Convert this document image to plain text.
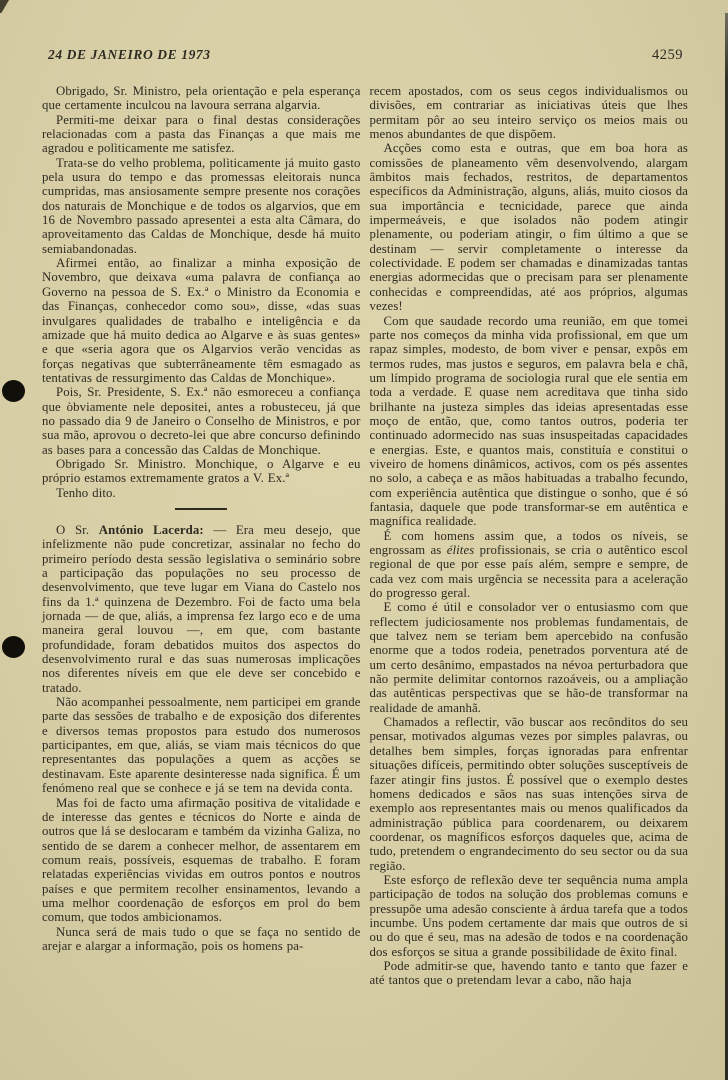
24 DE JANEIRO DE 1973	4259

Obrigado, Sr. Ministro, pela orientação e pela esperança que certamente inculcou na lavoura serrana algarvia.

Permiti-me deixar para o final destas considerações relacionadas com a pasta das Finanças a que mais me agradou e polìticamente me satisfez.

Trata-se do velho problema, polìticamente já muito gasto pela usura do tempo e das promessas eleitorais nunca cumpridas, mas ansiosamente sempre presente nos corações dos naturais de Monchique e de todos os algarvios, que em 16 de Novembro passado apresentei a esta alta Câmara, do aproveitamento das Caldas de Monchique, desde há muito semiabandonadas.

Afirmei então, ao finalizar a minha exposição de Novembro, que deixava «uma palavra de confiança ao Governo na pessoa de S. Ex.ª o Ministro da Economia e das Finanças, conhecedor como sou», disse, «das suas invulgares qualidades de trabalho e inteligência e da amizade que há muito dedica ao Algarve e às suas gentes» e que «seria agora que os Algarvios verão vencidas as forças negativas que subterrâneamente têm esmagado as tentativas de ressurgimento das Caldas de Monchique».

Pois, Sr. Presidente, S. Ex.ª não esmoreceu a confiança que òbviamente nele depositei, antes a robusteceu, já que no passado dia 9 de Janeiro o Conselho de Ministros, e por sua mão, aprovou o decreto-lei que abre concurso definindo as bases para a concessão das Caldas de Monchique.

Obrigado Sr. Ministro. Monchique, o Algarve e eu próprio estamos extremamente gratos a V. Ex.ª

Tenho dito.

O Sr. António Lacerda: — Era meu desejo, que infelizmente não pude concretizar, assinalar no fecho do primeiro período desta sessão legislativa o seminário sobre a participação das populações no seu processo de desenvolvimento, que teve lugar em Viana do Castelo nos fins da 1.ª quinzena de Dezembro. Foi de facto uma bela jornada — de que, aliás, a imprensa fez largo eco e de uma maneira geral louvou —, em que, com bastante profundidade, foram debatidos muitos dos aspectos do desenvolvimento rural e das suas numerosas implicações nos diferentes níveis em que ele deve ser concebido e tratado.

Não acompanhei pessoalmente, nem participei em grande parte das sessões de trabalho e de exposição dos diferentes e diversos temas propostos para estudo dos numerosos participantes, em que, aliás, se viam mais técnicos do que representantes das populações a quem as acções se destinavam. Este aparente desinteresse nada significa. É um fenómeno real que se conhece e já se tem na devida conta.

Mas foi de facto uma afirmação positiva de vitalidade e de interesse das gentes e técnicos do Norte e ainda de outros que lá se deslocaram e também da vizinha Galiza, no sentido de se darem a conhecer melhor, de assentarem em comum reais, possíveis, esquemas de trabalho. E foram relatadas experiências vividas em outros pontos e noutros países e que permitem recolher ensinamentos, levando a uma melhor coordenação de esforços em prol do bem comum, que todos ambicionamos.

Nunca será de mais tudo o que se faça no sentido de arejar e alargar a informação, pois os homens pa-

recem apostados, com os seus cegos individualismos ou divisões, em contrariar as iniciativas úteis que lhes permitam pôr ao seu inteiro serviço os meios mais ou menos abundantes de que dispõem.

Acções como esta e outras, que em boa hora as comissões de planeamento vêm desenvolvendo, alargam âmbitos mais fechados, restritos, de departamentos específicos da Administração, alguns, aliás, muito ciosos da sua importância e tecnicidade, parece que ainda impermeáveis, e que isolados não podem atingir plenamente, ou poderiam atingir, o fim último a que se destinam — servir completamente o interesse da colectividade. E podem ser chamadas e dinamizadas tantas energias adormecidas que o precisam para ser plenamente conhecidas e compreendidas, até aos próprios, algumas vezes!

Com que saudade recordo uma reunião, em que tomei parte nos começos da minha vida profissional, em que um rapaz simples, modesto, de bom viver e pensar, expôs em termos rudes, mas justos e seguros, em palavra bela e chã, um límpido programa de sociologia rural que ele sentia em toda a verdade. E quase nem acreditava que tinha sido brilhante na justeza simples das ideias apresentadas esse moço de então, que, como tantos outros, poderia ter continuado adormecido nas suas insuspeitadas capacidades e energias. Este, e quantos mais, constituía e constitui o viveiro de homens dinâmicos, activos, com os pés assentes no solo, a cabeça e as mãos habituadas a trabalho fecundo, com experiência autêntica que distingue o sonho, que é só fantasia, daquele que pode transformar-se em autêntica e magnífica realidade.

É com homens assim que, a todos os níveis, se engrossam as élites profissionais, se cria o autêntico escol regional de que por esse país além, sempre e sempre, de cada vez com mais urgência se necessita para a aceleração do progresso geral.

E como é útil e consolador ver o entusiasmo com que reflectem judiciosamente nos problemas fundamentais, de que talvez nem se teriam bem apercebido na confusão enorme que a todos rodeia, penetrados porventura até de um certo desânimo, empastados na névoa perturbadora que não permite delimitar contornos razoáveis, ou a ampliação das autênticas perspectivas que se hão-de transformar na realidade de amanhã.

Chamados a reflectir, vão buscar aos recônditos do seu pensar, motivados algumas vezes por simples palavras, ou detalhes bem simples, forças ignoradas para enfrentar situações difíceis, permitindo obter soluções susceptíveis de fazer atingir fins justos. É possível que o exemplo destes homens dedicados e sãos nas suas intenções sirva de exemplo aos representantes mais ou menos qualificados da administração pública para coordenarem, ou deixarem coordenar, os magníficos esforços daqueles que, acima de tudo, pretendem o engrandecimento do seu sector ou da sua região.

Este esforço de reflexão deve ter sequência numa ampla participação de todos na solução dos problemas comuns e pressupõe uma adesão consciente à árdua tarefa que a todos incumbe. Uns podem certamente dar mais que outros de si ou do que é seu, mas na adesão de todos e na coordenação dos esforços se situa a grande possibilidade de êxito final.

Pode admitir-se que, havendo tanto e tanto que fazer e até tantos que o pretendam levar a cabo, não haja
